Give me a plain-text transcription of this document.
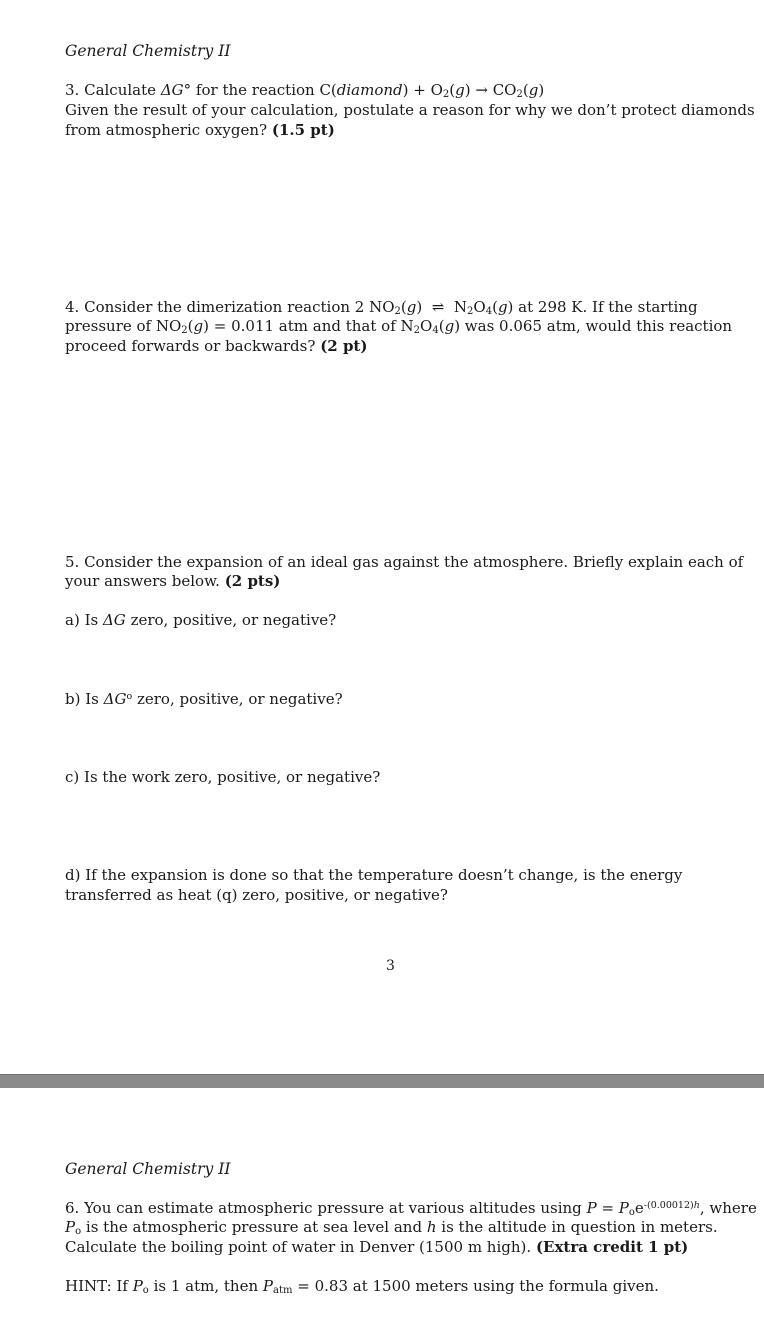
General Chemistry II
3. Calculate ΔG° for the reaction C(diamond) + $O_2(g) \to CO_2(g)$
Given the result of your calculation, postulate a reason for why we don’t protect diamonds
from atmospheric oxygen? (1.5 pt)
4. Consider the dimerization reaction 2 $NO_2(g)$  ⇌ $N_2O_4(g)$ at 298 K. If the starting
pressure of $NO_2(g) = 0.011$ atm and that of $N_2O_4(g)$ was 0.065 atm, would this reaction
proceed forwards or backwards? (2 pt)
5. Consider the expansion of an ideal gas against the atmosphere. Briefly explain each of
your answers below. (2 pts)
a) Is ΔG zero, positive, or negative?
b) Is $\Delta G^o$ zero, positive, or negative?
c) Is the work zero, positive, or negative?
d) If the expansion is done so that the temperature doesn’t change, is the energy
transferred as heat (q) zero, positive, or negative?
3
General Chemistry II
6. You can estimate atmospheric pressure at various altitudes using $P = P_oe^{-(0.00012)h}$, where
$P_o$ is the atmospheric pressure at sea level and h is the altitude in question in meters.
Calculate the boiling point of water in Denver (1500 m high). (Extra credit 1 pt)
HINT: If $P_o$ is 1 atm, then $P_{atm} = 0.83$ at 1500 meters using the formula given.
